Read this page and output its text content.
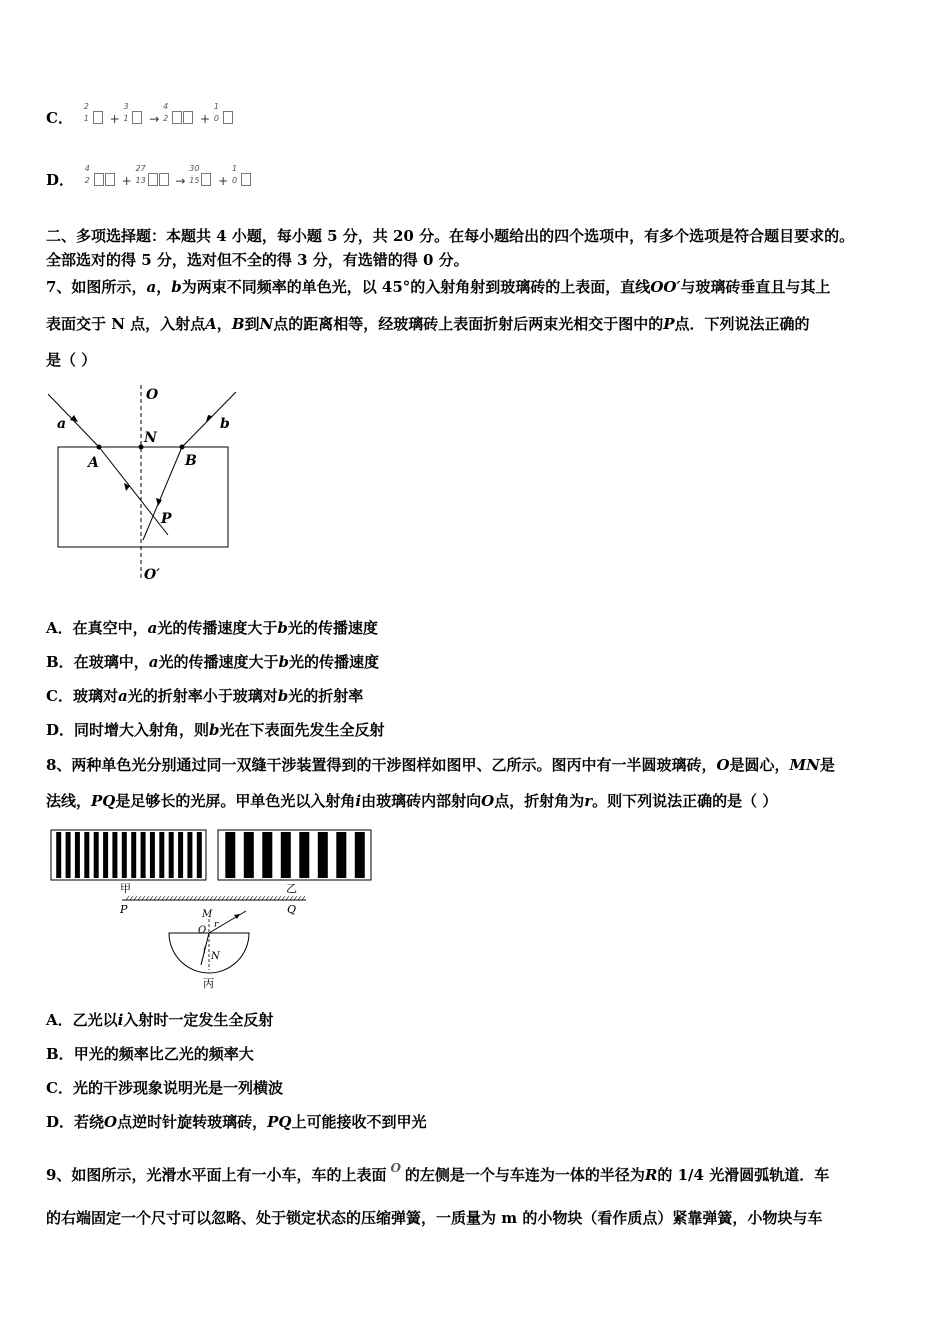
C．
2
1 +
3
1 →
4
2	+
1
0
D．
4
2	+
27
13 →
30
15 +
1
0
二、多项选择题：本题共 4 小题，每小题 5 分，共 20 分。在每小题给出的四个选项中，有多个选项是符合题目要求的。
全部选对的得 5 分，选对但不全的得 3 分，有选错的得 0 分。
7、如图所示，a，b为两束不同频率的单色光，以 45°的入射角射到玻璃砖的上表面，直线OO′与玻璃砖垂直且与其上
表面交于 N 点，入射点A，B到N点的距离相等，经玻璃砖上表面折射后两束光相交于图中的P点．下列说法正确的
是（ ）
O
N
a	b
A	B
P
O′
A．在真空中，a光的传播速度大于b光的传播速度
B．在玻璃中，a光的传播速度大于b光的传播速度
C．玻璃对a光的折射率小于玻璃对b光的折射率
D．同时增大入射角，则b光在下表面先发生全反射
8、两种单色光分别通过同一双缝干涉装置得到的干涉图样如图甲、乙所示。图丙中有一半圆玻璃砖，O是圆心，MN是
法线，PQ是足够长的光屏。甲单色光以入射角i由玻璃砖内部射向O点，折射角为r。则下列说法正确的是（ ）
甲	乙
P	Q
M
O r
i N
丙
A．乙光以i入射时一定发生全反射
B．甲光的频率比乙光的频率大
C．光的干涉现象说明光是一列横波
D．若绕O点逆时针旋转玻璃砖，PQ上可能接收不到甲光
9、如图所示，光滑水平面上有一小车，车的上表面 $^O$ 的左侧是一个与车连为一体的半径为R的 1/4 光滑圆弧轨道．车
的右端固定一个尺寸可以忽略、处于锁定状态的压缩弹簧，一质量为 m 的小物块（看作质点）紧靠弹簧，小物块与车
